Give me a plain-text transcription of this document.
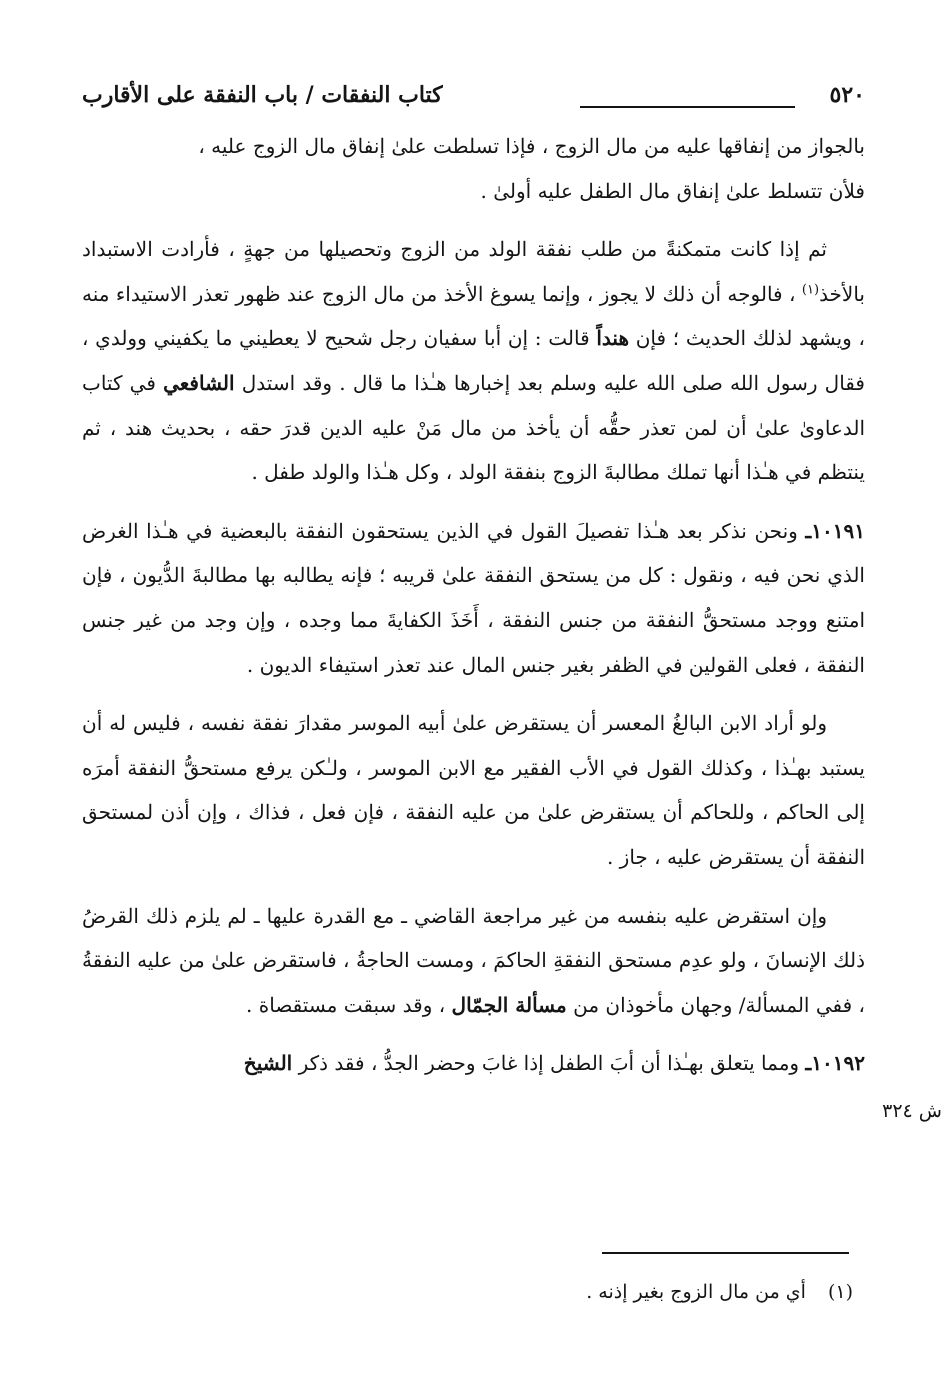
٥٢٠
كتاب النفقات / باب النفقة على الأقارب

بالجواز من إنفاقها عليه من مال الزوج ، فإذا تسلطت علىٰ إنفاق مال الزوج عليه ،
فلأن تتسلط علىٰ إنفاق مال الطفل عليه أولىٰ .

ثم إذا كانت متمكنةً من طلب نفقة الولد من الزوج وتحصيلها من جهةٍ ، فأرادت الاستبداد بالأخذ$^{(١)}$ ، فالوجه أن ذلك لا يجوز ، وإنما يسوغ الأخذ من مال الزوج عند ظهور تعذر الاستيداء منه ، ويشهد لذلك الحديث ؛ فإن هنداً قالت : إن أبا سفيان رجل شحيح لا يعطيني ما يكفيني وولدي ، فقال رسول الله صلى الله عليه وسلم بعد إخبارها هـٰذا ما قال . وقد استدل الشافعي في كتاب الدعاوىٰ علىٰ أن لمن تعذر حقُّه أن يأخذ من مال مَنْ عليه الدين قدرَ حقه ، بحديث هند ، ثم ينتظم في هـٰذا أنها تملك مطالبةَ الزوج بنفقة الولد ، وكل هـٰذا والولد طفل .

١٠١٩١ـ ونحن نذكر بعد هـٰذا تفصيلَ القول في الذين يستحقون النفقة بالبعضية في هـٰذا الغرض الذي نحن فيه ، ونقول : كل من يستحق النفقة علىٰ قريبه ؛ فإنه يطالبه بها مطالبةَ الدُّيون ، فإن امتنع ووجد مستحقُّ النفقة من جنس النفقة ، أَخَذَ الكفايةَ مما وجده ، وإن وجد من غير جنس النفقة ، فعلى القولين في الظفر بغير جنس المال عند تعذر استيفاء الديون .

ولو أراد الابن البالغُ المعسر أن يستقرض علىٰ أبيه الموسر مقدارَ نفقة نفسه ، فليس له أن يستبد بهـٰذا ، وكذلك القول في الأب الفقير مع الابن الموسر ، ولـٰكن يرفع مستحقُّ النفقة أمرَه إلى الحاكم ، وللحاكم أن يستقرض علىٰ من عليه النفقة ، فإن فعل ، فذاك ، وإن أذن لمستحق النفقة أن يستقرض عليه ، جاز .

وإن استقرض عليه بنفسه من غير مراجعة القاضي ـ مع القدرة عليها ـ لم يلزم ذلك القرضُ ذلك الإنسانَ ، ولو عدِم مستحق النفقةِ الحاكمَ ، ومست الحاجةُ ، فاستقرض علىٰ من عليه النفقةُ ، ففي المسألة/ وجهان مأخوذان من مسألة الجمّال ، وقد سبقت مستقصاة .

١٠١٩٢ـ ومما يتعلق بهـٰذا أن أبَ الطفل إذا غابَ وحضر الجدُّ ، فقد ذكر الشيخ

ش ٣٢٤
(١)أي من مال الزوج بغير إذنه .
